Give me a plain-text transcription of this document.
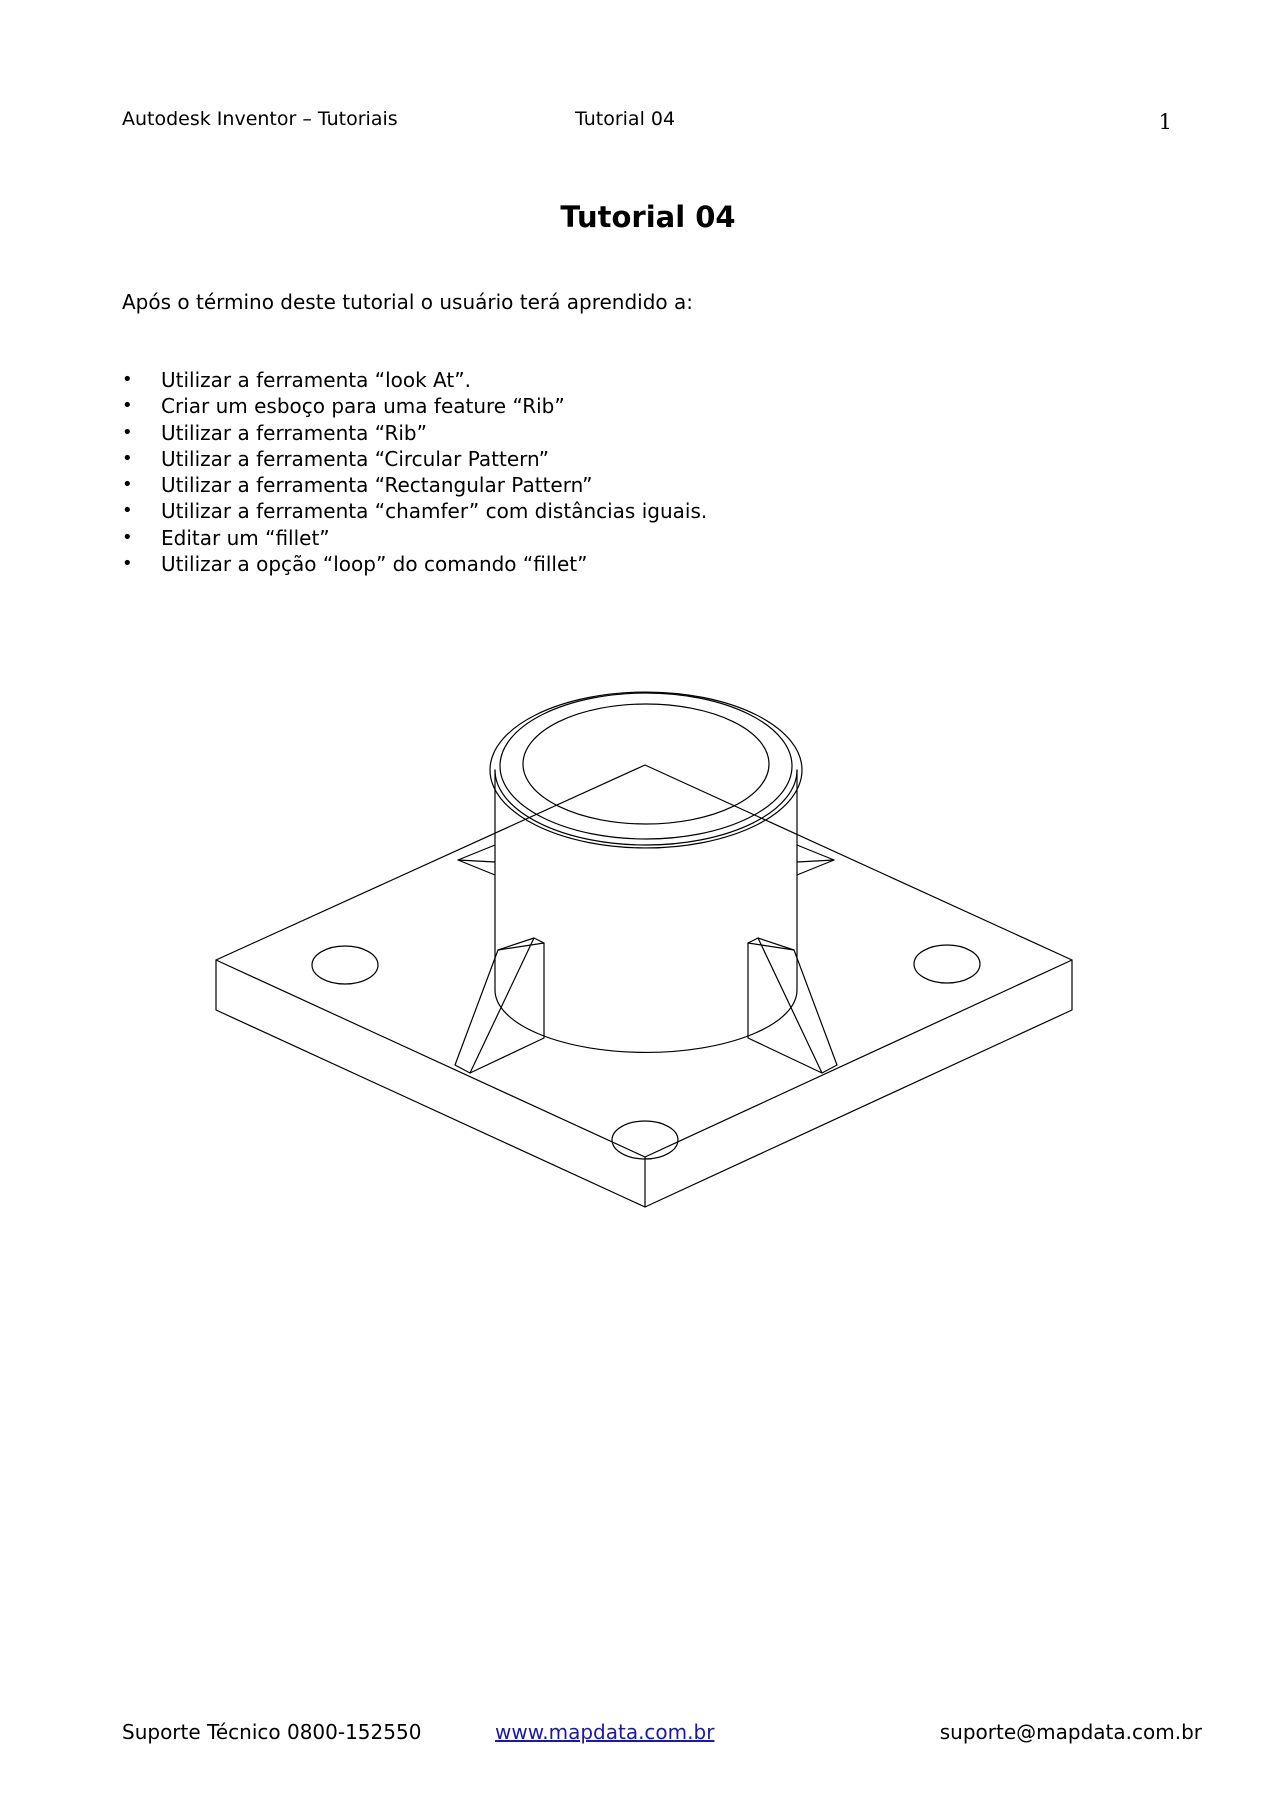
Autodesk Inventor – Tutoriais	Tutorial 04	1
Tutorial 04
Após o término deste tutorial o usuário terá aprendido a:
• Utilizar a ferramenta “look At”.
• Criar um esboço para uma feature “Rib”
• Utilizar a ferramenta “Rib”
• Utilizar a ferramenta “Circular Pattern”
• Utilizar a ferramenta “Rectangular Pattern”
• Utilizar a ferramenta “chamfer” com distâncias iguais.
• Editar um “fillet”
• Utilizar a opção “loop” do comando “fillet”
Suporte Técnico 0800-152550	www.mapdata.com.br	suporte@mapdata.com.br
